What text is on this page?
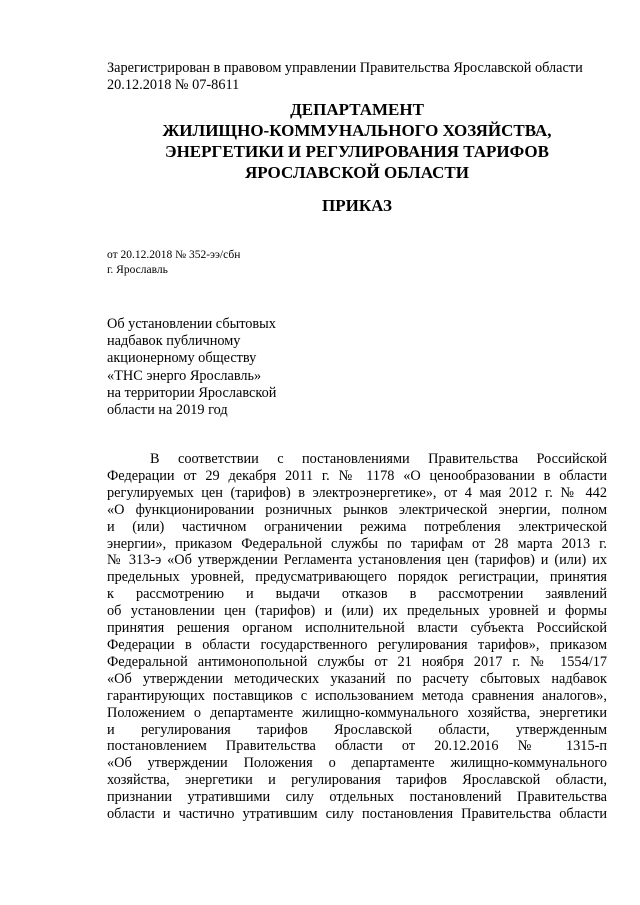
Зарегистрирован в правовом управлении Правительства Ярославской области
20.12.2018 № 07-8611
ДЕПАРТАМЕНТ
ЖИЛИЩНО-КОММУНАЛЬНОГО ХОЗЯЙСТВА,
ЭНЕРГЕТИКИ И РЕГУЛИРОВАНИЯ ТАРИФОВ
ЯРОСЛАВСКОЙ ОБЛАСТИ
ПРИКАЗ
от 20.12.2018 № 352-ээ/сбн
г. Ярославль
Об установлении сбытовых
надбавок публичному
акционерному обществу
«ТНС энерго Ярославль»
на территории Ярославской
области на 2019 год
В соответствии с постановлениями Правительства Российской
Федерации от 29 декабря 2011 г. № 1178 «О ценообразовании в области
регулируемых цен (тарифов) в электроэнергетике», от 4 мая 2012 г. № 442
«О функционировании розничных рынков электрической энергии, полном
и (или) частичном ограничении режима потребления электрической
энергии», приказом Федеральной службы по тарифам от 28 марта 2013 г.
№ 313-э «Об утверждении Регламента установления цен (тарифов) и (или) их
предельных уровней, предусматривающего порядок регистрации, принятия
к рассмотрению и выдачи отказов в рассмотрении заявлений
об установлении цен (тарифов) и (или) их предельных уровней и формы
принятия решения органом исполнительной власти субъекта Российской
Федерации в области государственного регулирования тарифов», приказом
Федеральной антимонопольной службы от 21 ноября 2017 г. № 1554/17
«Об утверждении методических указаний по расчету сбытовых надбавок
гарантирующих поставщиков с использованием метода сравнения аналогов»,
Положением о департаменте жилищно-коммунального хозяйства, энергетики
и регулирования тарифов Ярославской области, утвержденным
постановлением Правительства области от 20.12.2016 № 1315-п
«Об утверждении Положения о департаменте жилищно-коммунального
хозяйства, энергетики и регулирования тарифов Ярославской области,
признании утратившими силу отдельных постановлений Правительства
области и частично утратившим силу постановления Правительства области
